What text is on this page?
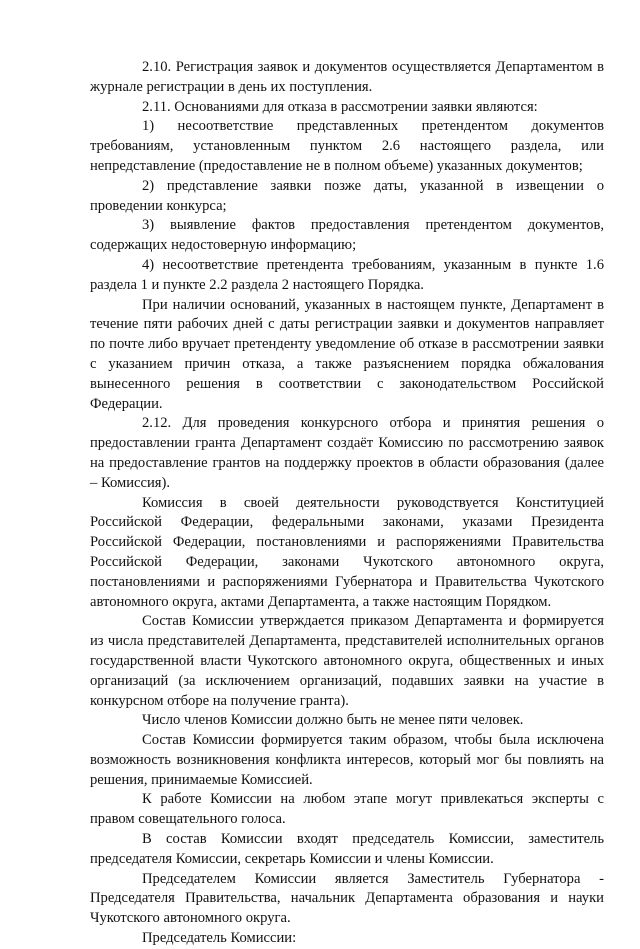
2.10. Регистрация заявок и документов осуществляется Департаментом в журнале регистрации в день их поступления.

2.11. Основаниями для отказа в рассмотрении заявки являются:

1) несоответствие представленных претендентом документов требованиям, установленным пунктом 2.6 настоящего раздела, или непредставление (предоставление не в полном объеме) указанных документов;

2) представление заявки позже даты, указанной в извещении о проведении конкурса;

3) выявление фактов предоставления претендентом документов, содержащих недостоверную информацию;

4) несоответствие претендента требованиям, указанным в пункте 1.6 раздела 1 и пункте 2.2 раздела 2 настоящего Порядка.

При наличии оснований, указанных в настоящем пункте, Департамент в течение пяти рабочих дней с даты регистрации заявки и документов направляет по почте либо вручает претенденту уведомление об отказе в рассмотрении заявки с указанием причин отказа, а также разъяснением порядка обжалования вынесенного решения в соответствии с законодательством Российской Федерации.

2.12. Для проведения конкурсного отбора и принятия решения о предоставлении гранта Департамент создаёт Комиссию по рассмотрению заявок на предоставление грантов на поддержку проектов в области образования (далее – Комиссия).

Комиссия в своей деятельности руководствуется Конституцией Российской Федерации, федеральными законами, указами Президента Российской Федерации, постановлениями и распоряжениями Правительства Российской Федерации, законами Чукотского автономного округа, постановлениями и распоряжениями Губернатора и Правительства Чукотского автономного округа, актами Департамента, а также настоящим Порядком.

Состав Комиссии утверждается приказом Департамента и формируется из числа представителей Департамента, представителей исполнительных органов государственной власти Чукотского автономного округа, общественных и иных организаций (за исключением организаций, подавших заявки на участие в конкурсном отборе на получение гранта).

Число членов Комиссии должно быть не менее пяти человек.

Состав Комиссии формируется таким образом, чтобы была исключена возможность возникновения конфликта интересов, который мог бы повлиять на решения, принимаемые Комиссией.

К работе Комиссии на любом этапе могут привлекаться эксперты с правом совещательного голоса.

В состав Комиссии входят председатель Комиссии, заместитель председателя Комиссии, секретарь Комиссии и члены Комиссии.

Председателем Комиссии является Заместитель Губернатора - Председателя Правительства, начальник Департамента образования и науки Чукотского автономного округа.

Председатель Комиссии:
